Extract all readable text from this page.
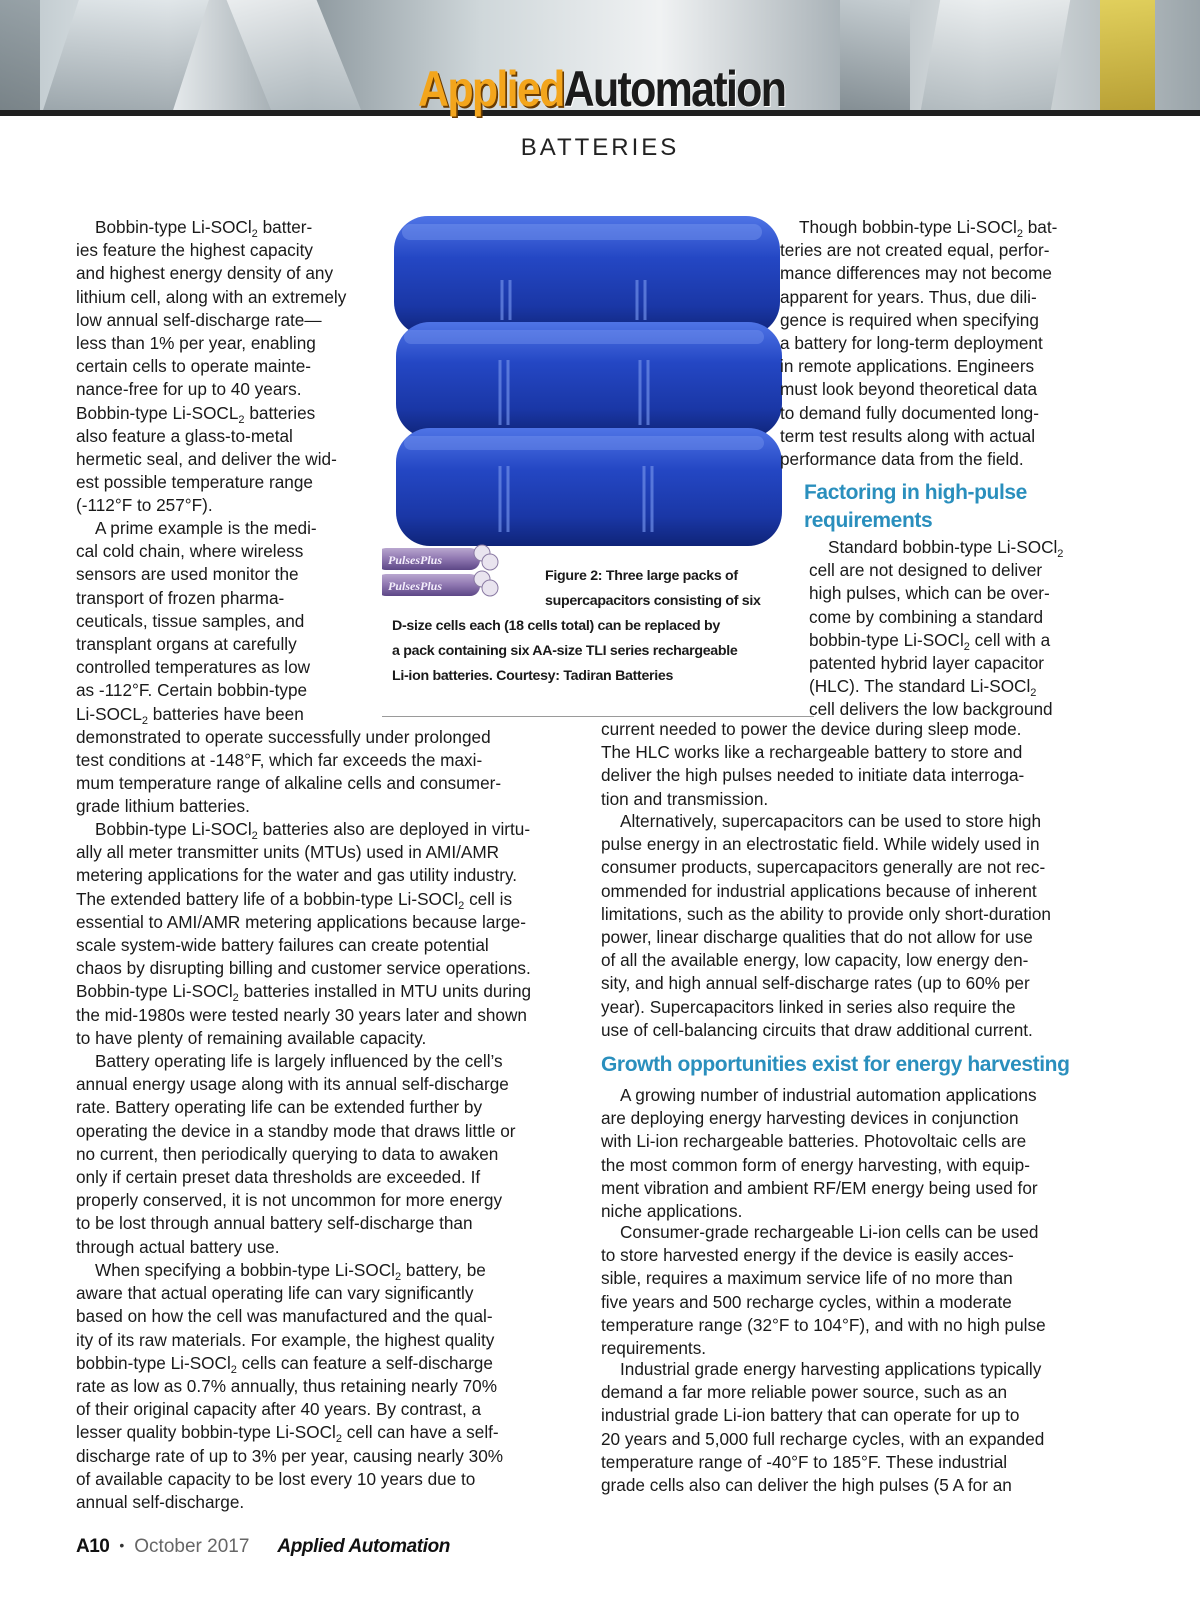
AppliedAutomation
BATTERIES
Bobbin-type Li-SOCl$_2$ batter-
ies feature the highest capacity
and highest energy density of any
lithium cell, along with an extremely
low annual self-discharge rate—
less than 1% per year, enabling
certain cells to operate mainte-
nance-free for up to 40 years.
Bobbin-type $Li-SOCL_2$ batteries
also feature a glass-to-metal
hermetic seal, and deliver the wid-
est possible temperature range
(-112°F to 257°F).
A prime example is the medi-
cal cold chain, where wireless
sensors are used monitor the
transport of frozen pharma-
ceuticals, tissue samples, and
transplant organs at carefully
controlled temperatures as low
as -112°F. Certain bobbin-type
$Li-SOCL_2$ batteries have been
demonstrated to operate successfully under prolonged
test conditions at -148°F, which far exceeds the maxi-
mum temperature range of alkaline cells and consumer-
grade lithium batteries.
Bobbin-type Li-SOCl$_2$ batteries also are deployed in virtu-
ally all meter transmitter units (MTUs) used in AMI/AMR
metering applications for the water and gas utility industry.
The extended battery life of a bobbin-type Li-SOCl$_2$ cell is
essential to AMI/AMR metering applications because large-
scale system-wide battery failures can create potential
chaos by disrupting billing and customer service operations.
Bobbin-type Li-SOCl$_2$ batteries installed in MTU units during
the mid-1980s were tested nearly 30 years later and shown
to have plenty of remaining available capacity.
Battery operating life is largely influenced by the cell’s
annual energy usage along with its annual self-discharge
rate. Battery operating life can be extended further by
operating the device in a standby mode that draws little or
no current, then periodically querying to data to awaken
only if certain preset data thresholds are exceeded. If
properly conserved, it is not uncommon for more energy
to be lost through annual battery self-discharge than
through actual battery use.
When specifying a bobbin-type Li-SOCl$_2$ battery, be
aware that actual operating life can vary significantly
based on how the cell was manufactured and the qual-
ity of its raw materials. For example, the highest quality
bobbin-type Li-SOCl$_2$ cells can feature a self-discharge
rate as low as 0.7% annually, thus retaining nearly 70%
of their original capacity after 40 years. By contrast, a
lesser quality bobbin-type Li-SOCl$_2$ cell can have a self-
discharge rate of up to 3% per year, causing nearly 30%
of available capacity to be lost every 10 years due to
annual self-discharge.
PulsesPlus
PulsesPlus
Figure 2: Three large packs of
supercapacitors consisting of six
D-size cells each (18 cells total) can be replaced by
a pack containing six AA-size TLI series rechargeable
Li-ion batteries. Courtesy: Tadiran Batteries
Though bobbin-type Li-SOCl$_2$ bat-
teries are not created equal, perfor-
mance differences may not become
apparent for years. Thus, due dili-
gence is required when specifying
a battery for long-term deployment
in remote applications. Engineers
must look beyond theoretical data
to demand fully documented long-
term test results along with actual
performance data from the field.
Factoring in high-pulse
requirements
Standard bobbin-type Li-SOCl$_2$
cell are not designed to deliver
high pulses, which can be over-
come by combining a standard
bobbin-type Li-SOCl$_2$ cell with a
patented hybrid layer capacitor
(HLC). The standard Li-SOCl$_2$
cell delivers the low background
current needed to power the device during sleep mode.
The HLC works like a rechargeable battery to store and
deliver the high pulses needed to initiate data interroga-
tion and transmission.
Alternatively, supercapacitors can be used to store high
pulse energy in an electrostatic field. While widely used in
consumer products, supercapacitors generally are not rec-
ommended for industrial applications because of inherent
limitations, such as the ability to provide only short-duration
power, linear discharge qualities that do not allow for use
of all the available energy, low capacity, low energy den-
sity, and high annual self-discharge rates (up to 60% per
year). Supercapacitors linked in series also require the
use of cell-balancing circuits that draw additional current.
Growth opportunities exist for energy harvesting
A growing number of industrial automation applications
are deploying energy harvesting devices in conjunction
with Li-ion rechargeable batteries. Photovoltaic cells are
the most common form of energy harvesting, with equip-
ment vibration and ambient RF/EM energy being used for
niche applications.
Consumer-grade rechargeable Li-ion cells can be used
to store harvested energy if the device is easily acces-
sible, requires a maximum service life of no more than
five years and 500 recharge cycles, within a moderate
temperature range (32°F to 104°F), and with no high pulse
requirements.
Industrial grade energy harvesting applications typically
demand a far more reliable power source, such as an
industrial grade Li-ion battery that can operate for up to
20 years and 5,000 full recharge cycles, with an expanded
temperature range of -40°F to 185°F. These industrial
grade cells also can deliver the high pulses (5 A for an
A10 • October 2017 Applied Automation
